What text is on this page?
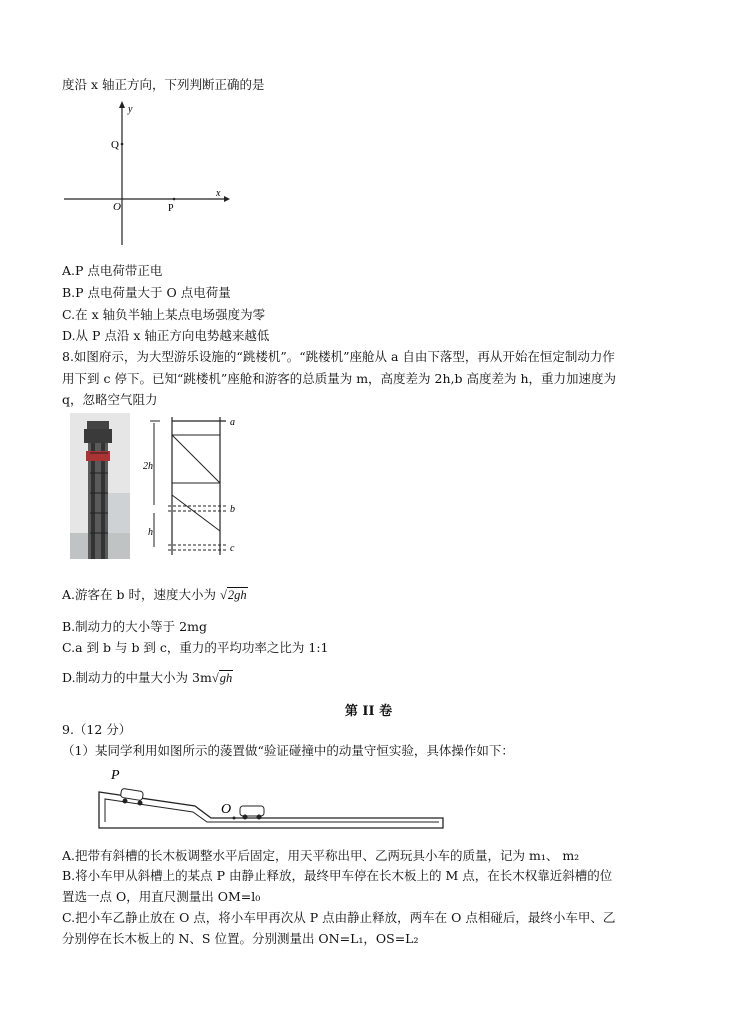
度沿 x 轴正方向，下列判断正确的是
y
x
Q
O	P
A.P 点电荷带正电
B.P 点电荷量大于 O 点电荷量
C.在 x 轴负半轴上某点电场强度为零
D.从 P 点沿 x 轴正方向电势越来越低
8.如图府示，为大型游乐设施的“跳楼机”。“跳楼机”座舱从 a 自由下落型，再从开始在恒定制动力作
用下到 c 停下。已知“跳楼机”座舱和游客的总质量为 m，高度差为 2h,b 高度差为 h，重力加速度为
q，忽略空气阻力
2h
h
a
b
c
A.游客在 b 时，速度大小为 √2gh
B.制动力的大小等于 2mg
C.a 到 b 与 b 到 c，重力的平均功率之比为 1:1
D.制动力的中量大小为 3m√gh
第 II 卷
9.（12 分）
（1）某同学利用如图所示的蔆置做“验证碰撞中的动量守恒实验，具体操作如下：
P
O
A.把带有斜槽的长木板调整水平后固定，用天平称出甲、乙两玩具小车的质量，记为 m₁、 m₂
B.将小车甲从斜槽上的某点 P 由静止释放，最终甲车停在长木板上的 M 点，在长木权靠近斜槽的位
置选一点 O，用直尺测量出 OM=l₀
C.把小车乙静止放在 O 点，将小车甲再次从 P 点由静止释放，两车在 O 点相碰后，最终小车甲、乙
分别停在长木板上的 N、S 位置。分别测量出 ON=L₁，OS=L₂
